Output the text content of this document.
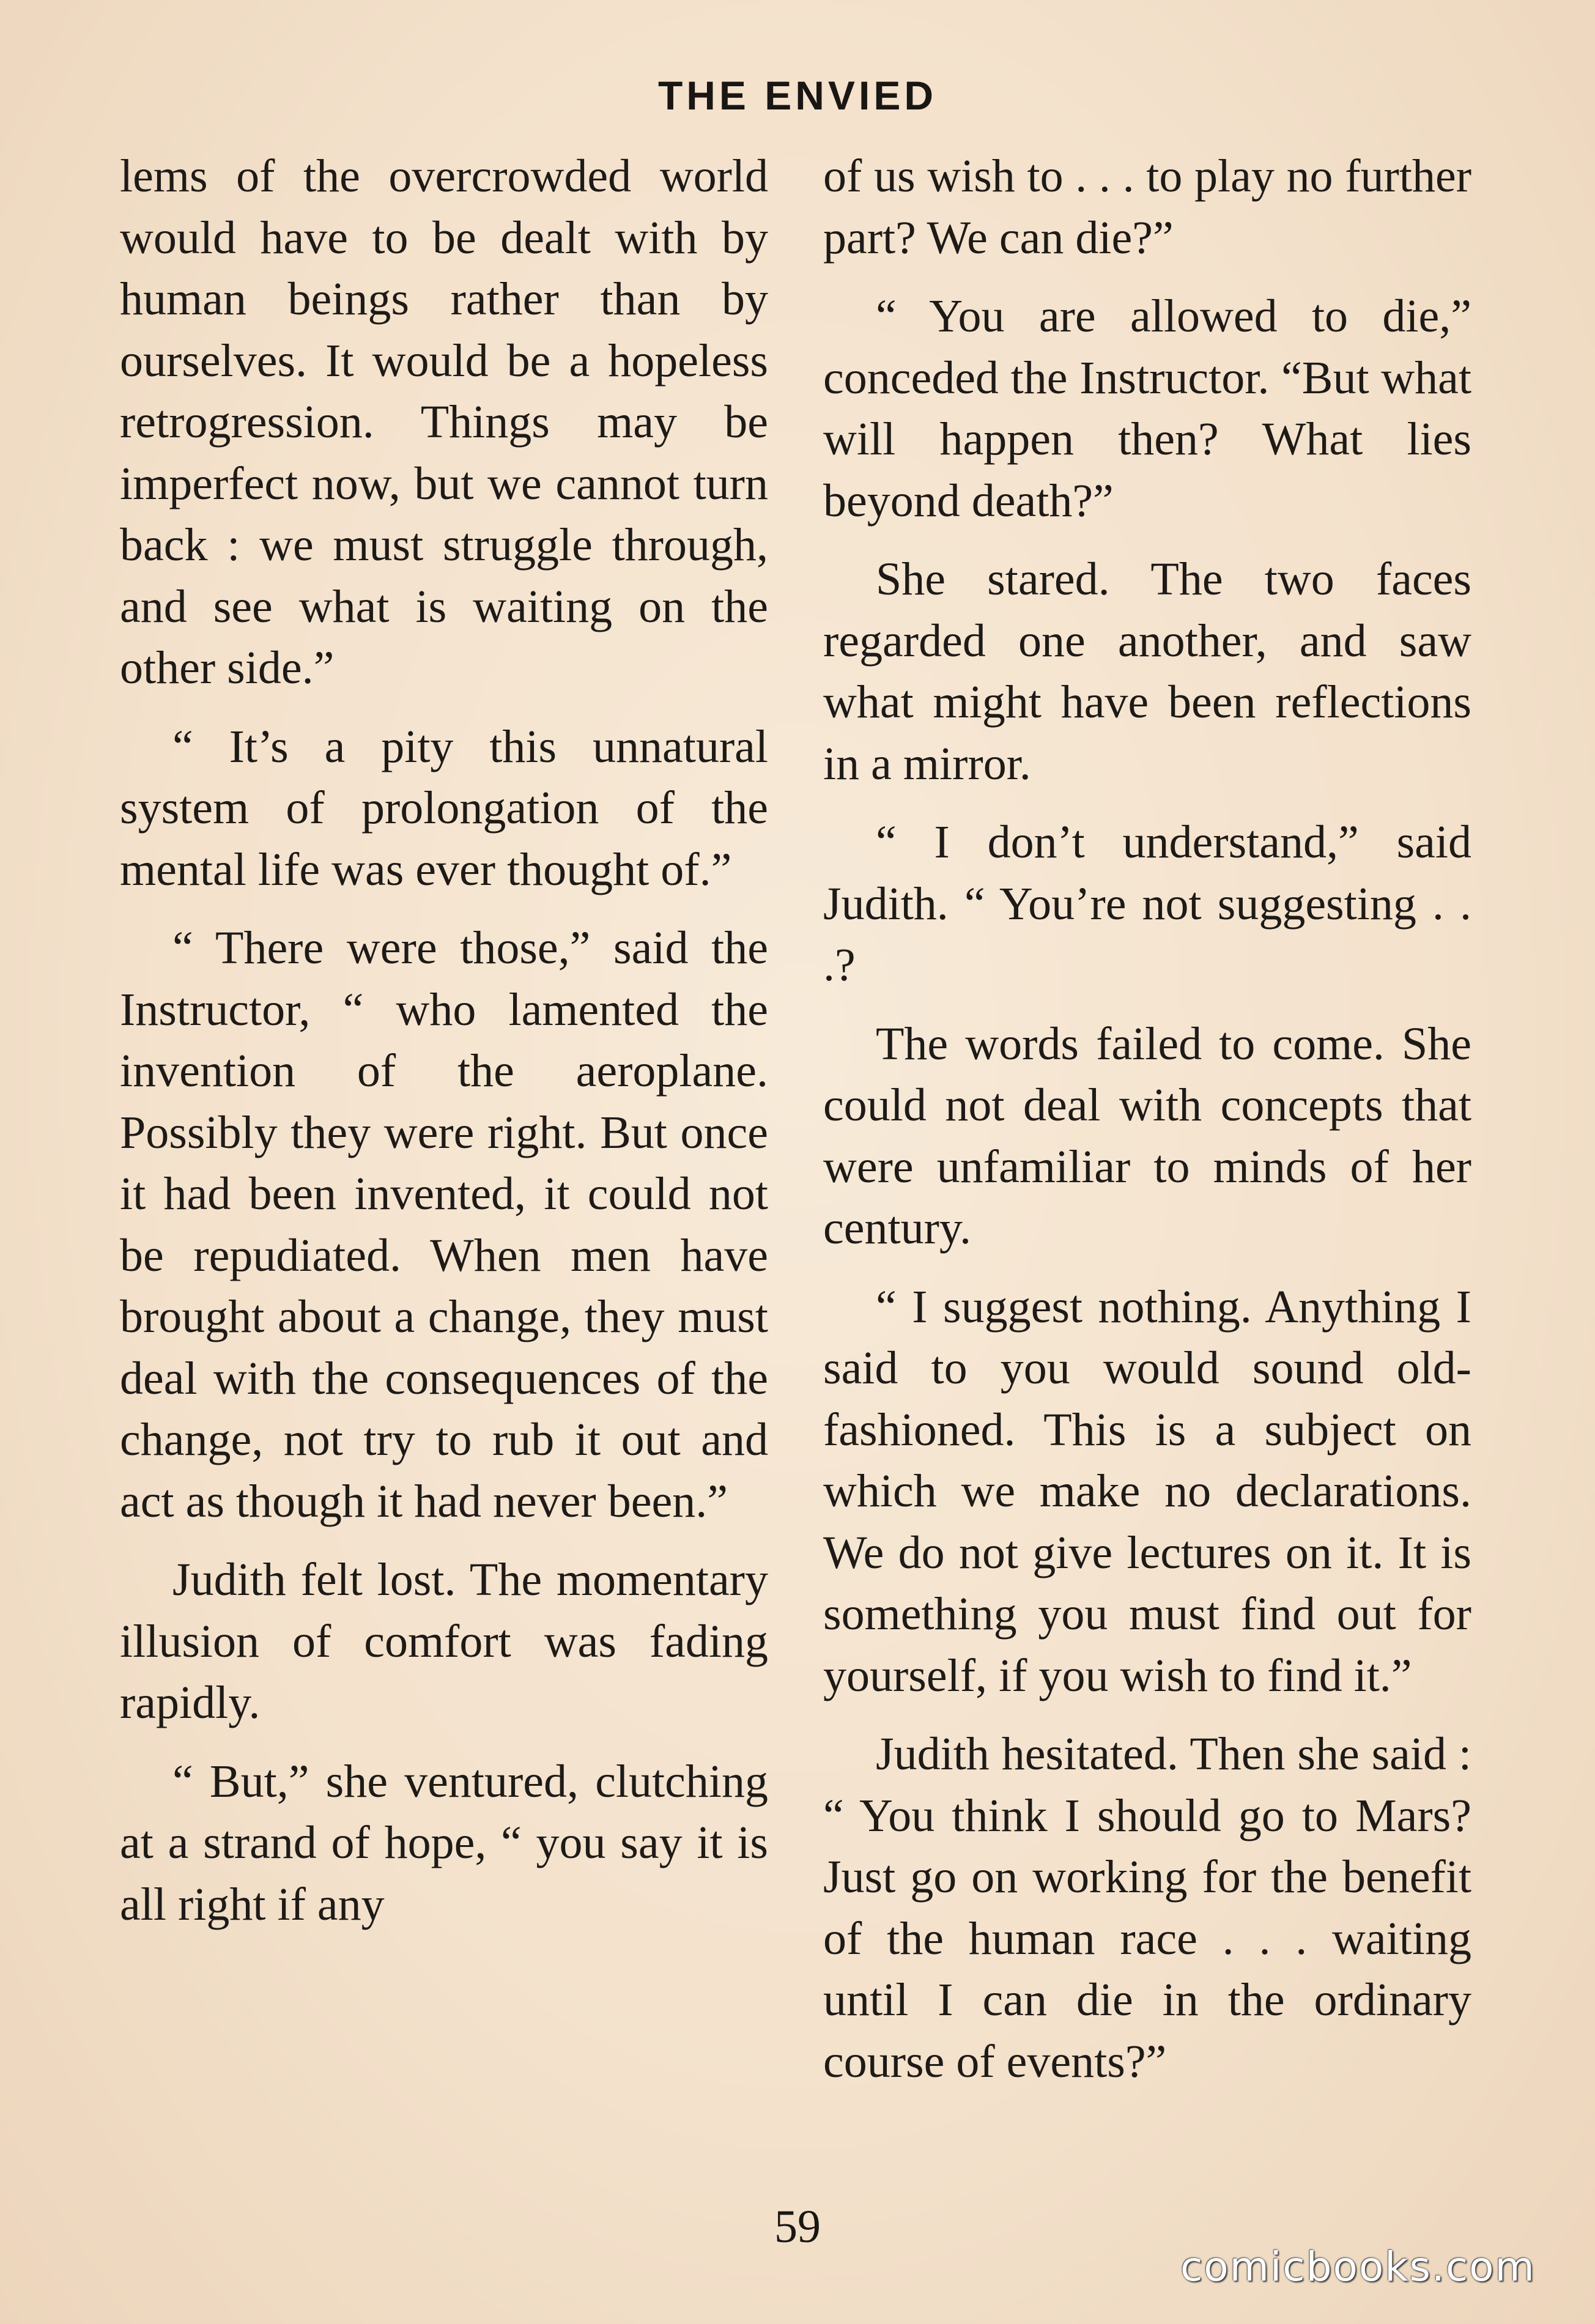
THE ENVIED

lems of the overcrowded world would have to be dealt with by human beings rather than by ourselves. It would be a hopeless retrogression. Things may be imperfect now, but we cannot turn back : we must struggle through, and see what is waiting on the other side.”

“ It’s a pity this unnatural system of prolongation of the mental life was ever thought of.”

“ There were those,” said the Instructor, “ who lamented the invention of the aeroplane. Possibly they were right. But once it had been invented, it could not be repudiated. When men have brought about a change, they must deal with the consequences of the change, not try to rub it out and act as though it had never been.”

Judith felt lost. The momentary illusion of comfort was fading rapidly.

“ But,” she ventured, clutching at a strand of hope, “ you say it is all right if any

of us wish to . . . to play no further part? We can die?”

“ You are allowed to die,” conceded the Instructor. “But what will happen then? What lies beyond death?”

She stared. The two faces regarded one another, and saw what might have been reflections in a mirror.

“ I don’t understand,” said Judith. “ You’re not suggesting . . .?

The words failed to come. She could not deal with concepts that were unfamiliar to minds of her century.

“ I suggest nothing. Anything I said to you would sound old-fashioned. This is a subject on which we make no declarations. We do not give lectures on it. It is something you must find out for yourself, if you wish to find it.”

Judith hesitated. Then she said : “ You think I should go to Mars? Just go on working for the benefit of the human race . . . waiting until I can die in the ordinary course of events?”

59
comicbooks.com
